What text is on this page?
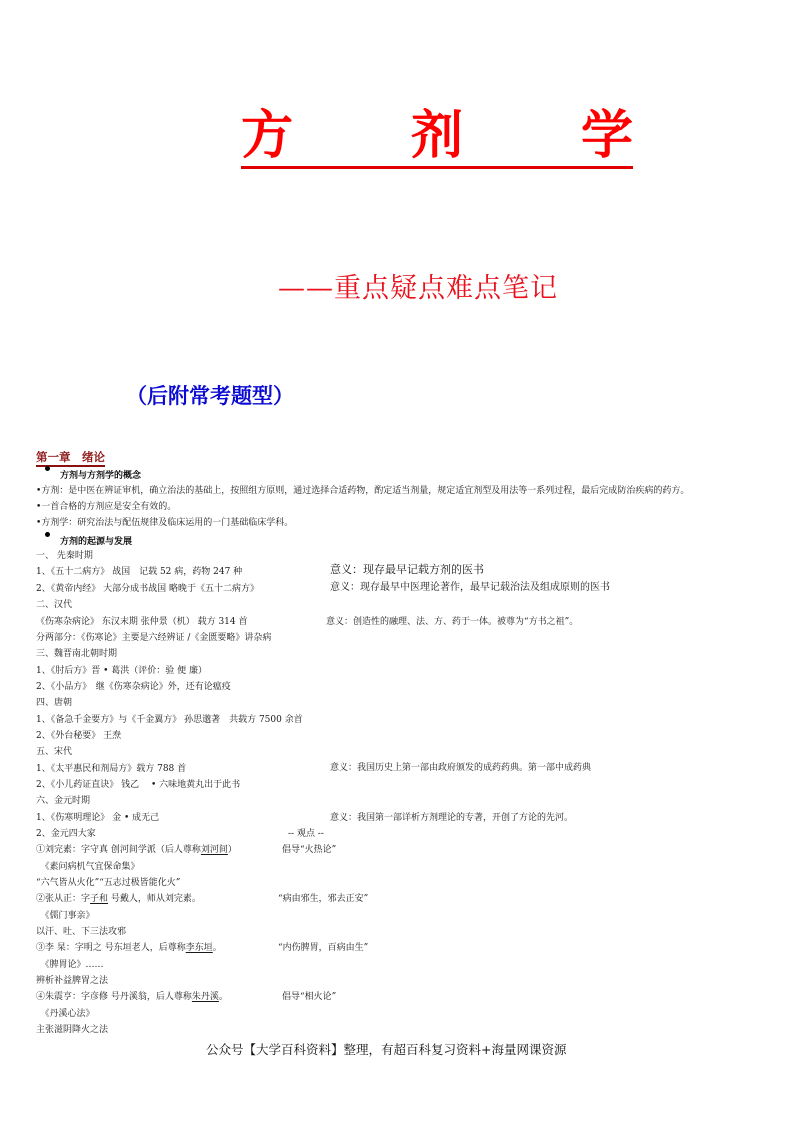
方 剂 学
——重点疑点难点笔记
（后附常考题型）
第一章　绪论
方剂与方剂学的概念
•方剂：是中医在辨证审机，确立治法的基础上，按照组方原则，通过选择合适药物，酌定适当剂量，规定适宜剂型及用法等一系列过程，最后完成防治疾病的药方。
•一首合格的方剂应是安全有效的。
•方剂学：研究治法与配伍规律及临床运用的一门基础临床学科。
方剂的起源与发展
一、 先秦时期
1、《五十二病方》 战国　记载 52 病，药物 247 种	意义：现存最早记载方剂的医书
2、《黄帝内经》 大部分成书战国 略晚于《五十二病方》	意义：现存最早中医理论著作，最早记载治法及组成原则的医书
二、汉代
《伤寒杂病论》 东汉末期 张仲景（机） 载方 314 首	意义：创造性的融理、法、方、药于一体。被尊为“方书之祖”。
分两部分：《伤寒论》主要是六经辨证 /《金匮要略》讲杂病
三、魏晋南北朝时期
1、《肘后方》晋 • 葛洪（评价：验 便 廉）
2、《小品方》　继《伤寒杂病论》外，还有论瘟疫
四、唐朝
1、《备急千金要方》与《千金翼方》 孙思邈著　共载方 7500 余首
2、《外台秘要》 王焘
五、宋代
1、《太平惠民和剂局方》载方 788 首	意义：我国历史上第一部由政府颁发的成药药典。第一部中成药典
2、《小儿药证直诀》 钱乙　 • 六味地黄丸出于此书
六、金元时期
1、《伤寒明理论》 金 • 成无己	意义：我国第一部详析方剂理论的专著，开创了方论的先河。
2、金元四大家	-- 观点 --
①刘完素：字守真 创河间学派（后人尊称刘河间）	倡导“火热论”
　《素问病机气宜保命集》
“六气皆从火化”“五志过极皆能化火”
②张从正：字子和 号戴人，师从刘完素。	“病由邪生，邪去正安”
　《儒门事亲》
以汗、吐、下三法攻邪
③李 杲：字明之 号东垣老人，后尊称李东垣。	“内伤脾胃，百病由生”
　《脾胃论》……
辨析补益脾胃之法
④朱震亨：字彦修 号丹溪翁，后人尊称朱丹溪。	倡导“相火论”
　《丹溪心法》
主张滋阴降火之法
公众号【大学百科资料】整理，有超百科复习资料+海量网课资源
